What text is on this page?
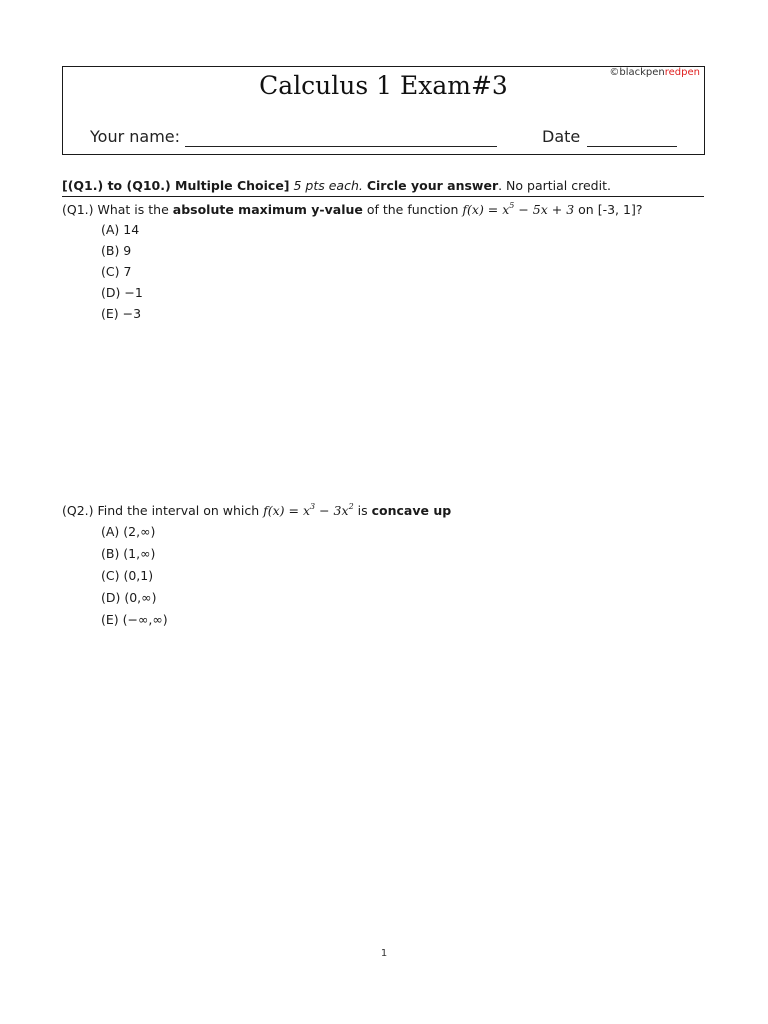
©blackpenredpen
Calculus 1 Exam#3
Your name:	Date
[(Q1.) to (Q10.) Multiple Choice] 5 pts each. Circle your answer. No partial credit.
(Q1.) What is the absolute maximum y-value of the function $f(x) = x^5 - 5x + 3$ on [-3, 1]?
(A) 14
(B) 9
(C) 7
(D) −1
(E) −3
(Q2.) Find the interval on which $f(x) = x^3 - 3x^2$ is concave up
(A) (2,∞)
(B) (1,∞)
(C) (0,1)
(D) (0,∞)
(E) (−∞,∞)
1
